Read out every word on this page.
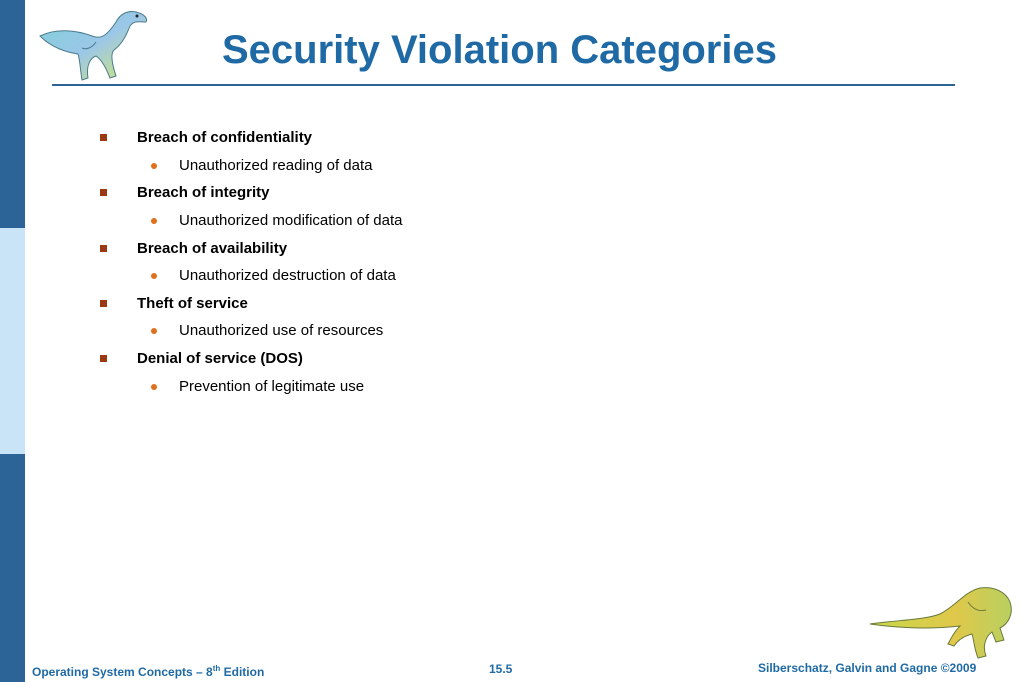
Security Violation Categories
Breach of confidentiality
Unauthorized reading of data
Breach of integrity
Unauthorized modification of data
Breach of availability
Unauthorized destruction of data
Theft of service
Unauthorized use of resources
Denial of service (DOS)
Prevention of legitimate use
Operating System Concepts – 8th Edition	15.5	Silberschatz, Galvin and Gagne ©2009
